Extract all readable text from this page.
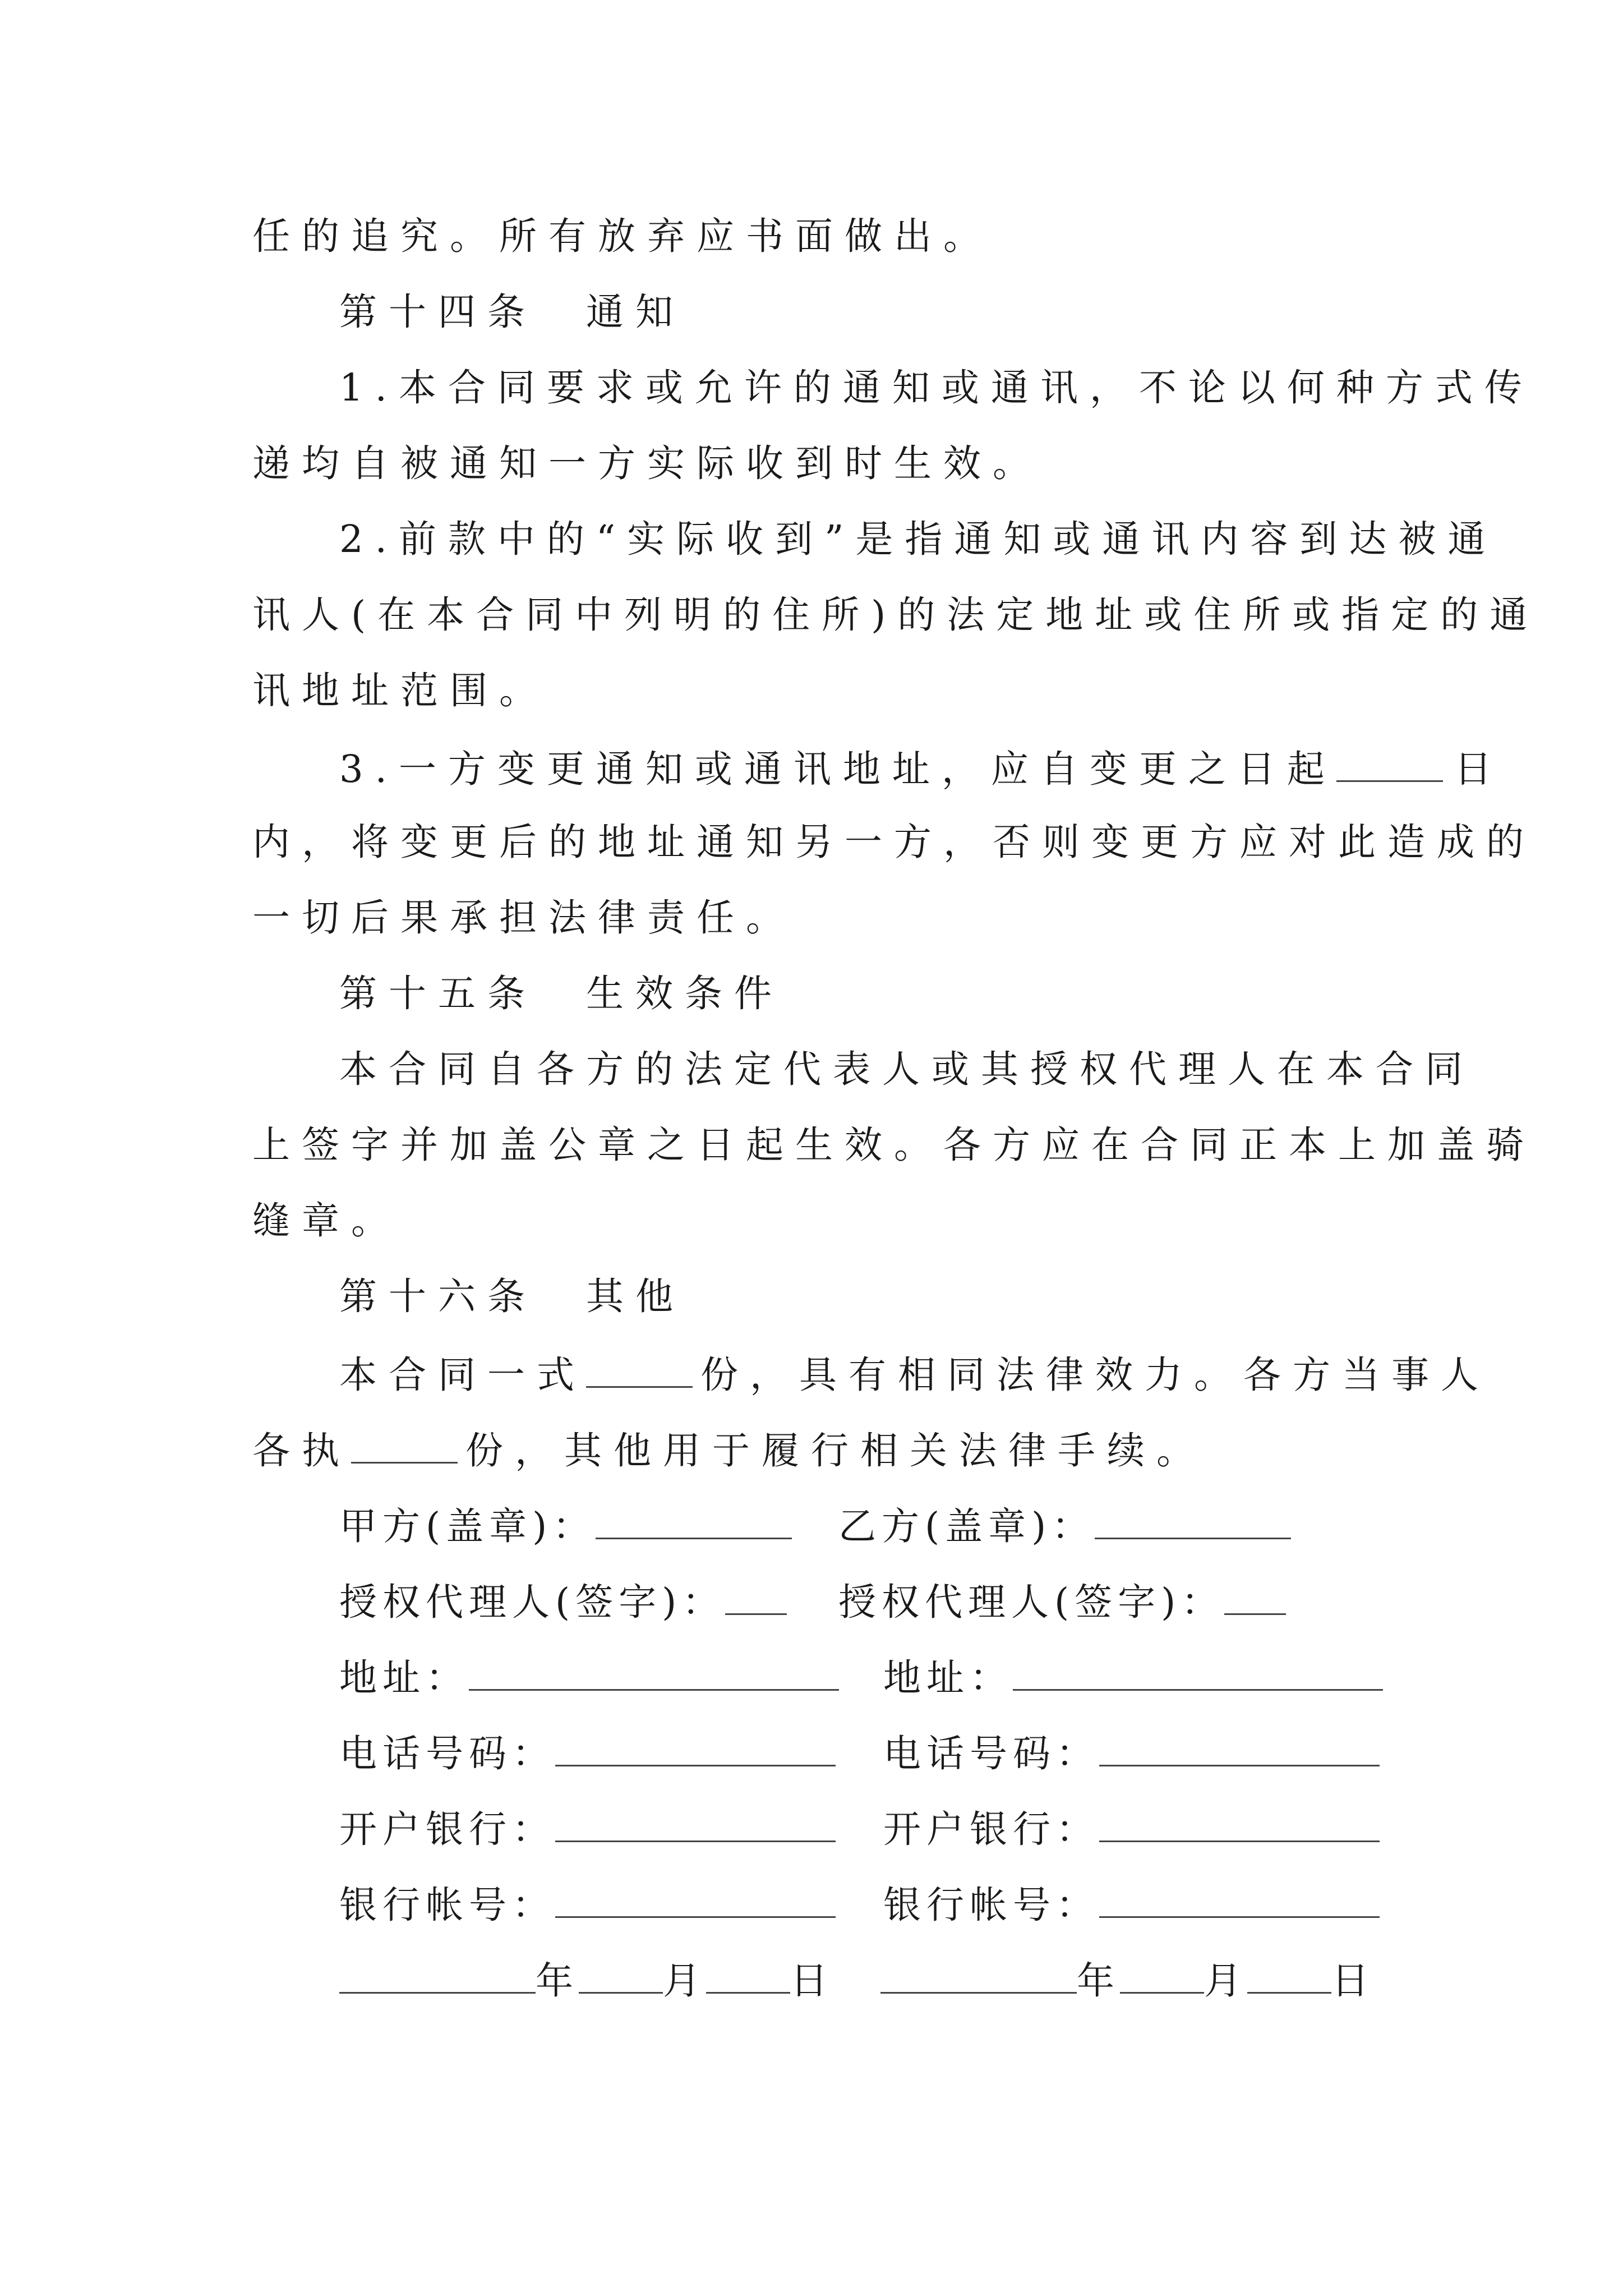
任的追究。所有放弃应书面做出。
第十四条　通知
1.本合同要求或允许的通知或通讯，不论以何种方式传
递均自被通知一方实际收到时生效。
2.前款中的“实际收到”是指通知或通讯内容到达被通
讯人(在本合同中列明的住所)的法定地址或住所或指定的通
讯地址范围。
3.一方变更通知或通讯地址，应自变更之日起	日
内，将变更后的地址通知另一方，否则变更方应对此造成的
一切后果承担法律责任。
第十五条　生效条件
本合同自各方的法定代表人或其授权代理人在本合同
上签字并加盖公章之日起生效。各方应在合同正本上加盖骑
缝章。
第十六条　其他
本合同一式	份，具有相同法律效力。各方当事人
各执	份，其他用于履行相关法律手续。
甲方(盖章)：	乙方(盖章)：
授权代理人(签字)：	授权代理人(签字)：
地址：	地址：
电话号码：	电话号码：
开户银行：	开户银行：
银行帐号：	银行帐号：
年 月 日	年 月 日
